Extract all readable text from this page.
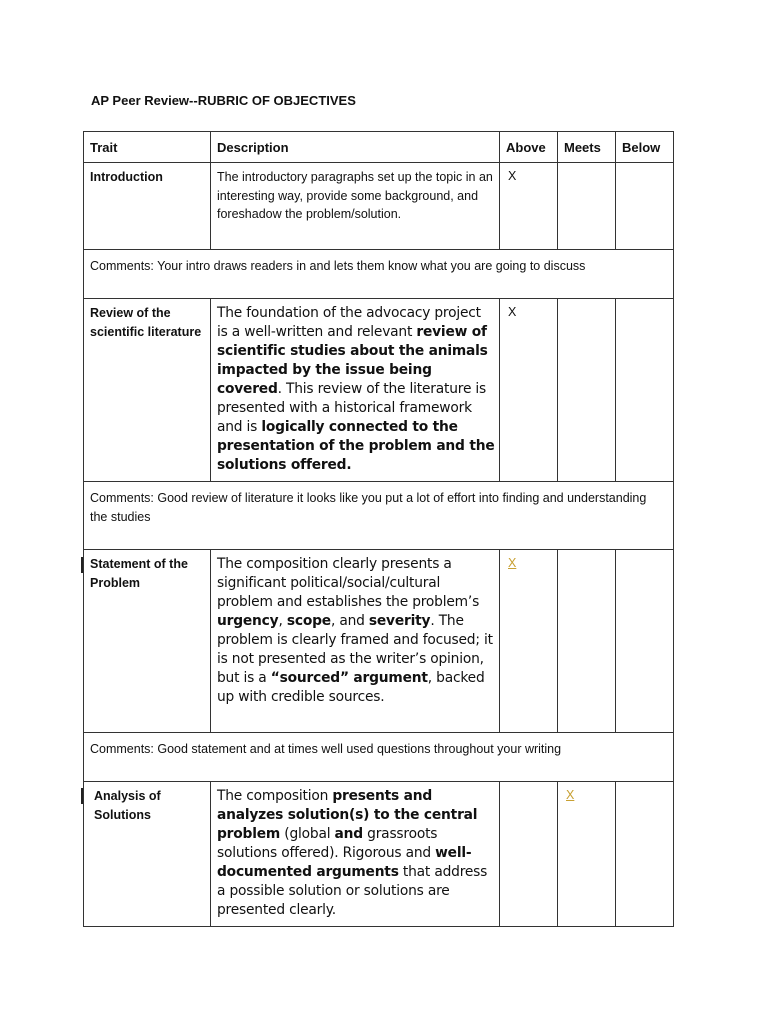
AP Peer Review--RUBRIC OF OBJECTIVES
Trait	Description	Above	Meets	Below
Introduction	The introductory paragraphs set up the topic in an interesting way, provide some background, and foreshadow the problem/solution.	X		
Comments: Your intro draws readers in and lets them know what you are going to discuss				
Review of the scientific literature	The foundation of the advocacy project is a well-written and relevant review of scientific studies about the animals impacted by the issue being covered. This review of the literature is presented with a historical framework and is logically connected to the presentation of the problem and the solutions offered.	X		
Comments: Good review of literature it looks like you put a lot of effort into finding and understanding the studies				
Statement of the Problem	The composition clearly presents a significant political/social/cultural problem and establishes the problem’s urgency, scope, and severity. The problem is clearly framed and focused; it is not presented as the writer’s opinion, but is a “sourced” argument, backed up with credible sources.	X		
Comments: Good statement and at times well used questions throughout your writing				
Analysis of Solutions	The composition presents and analyzes solution(s) to the central problem (global and grassroots solutions offered). Rigorous and well-documented arguments that address a possible solution or solutions are presented clearly.		X	
